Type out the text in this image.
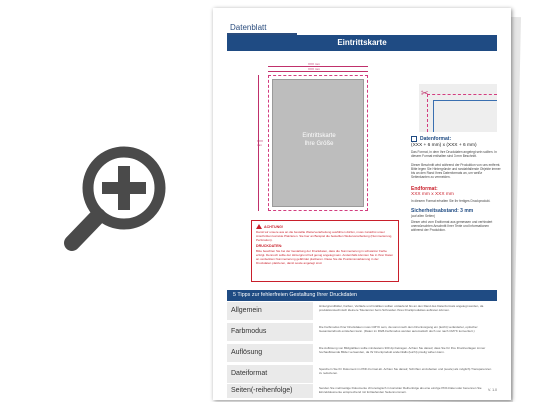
Datenblatt
Eintrittskarte
XXX mm
XXX mm
XXX mm
Eintrittskarte
Ihre Größe
ACHTUNG!

Damit wir unsere aus an die bestellte Weiterverarbeitung ausführen dürfen, muss zunächst unser Anschnitten korrekte Platzieren. Sie fuer an Beispiel die bestellten Weiterverarbeitung (Nummerierung, Perforation).

DRUCKDATEN:

Bitte beachten Sie bei der Gestaltung der Druckdaten, dass die Nummerierung in schwarzer Farbe erfolgt. Dennoch sollte der Hintergrund hell genug angelegt sein. Andernfalls könnten Sie in Ihrer Daten an verdeckten Nummerierung gefährdet platzieren. Diese Sie die Positionsmarkierung in der Druckdaten platzieren, damit sowie angelegt sind.

✂
Datenformat:
(XXX + 6 mm) x (XXX + 6 mm)
Das Format, in dem Ihre Druckdaten angelegt sein sollten. In diesem Format enthalten sind 3 mm Beschnitt.
Dieser Beschnitt wird während der Produktion von uns entfernt. Bitte legen Sie Hintergründe und randabfallende Objekte immer bis an den Rand Ihres Datenformats an, um weiße Seitenkanten zu vermeiden.
Endformat:
XXX mm x XXX mm
In diesem Format erhalten Sie Ihr fertiges Druckprodukt.
Sicherheitsabstand: 3 mm
(auf allen Seiten)
Dieser wird vom Endformat aus gemessen und verhindert unerwünschten Anschnitt Ihrer Texte und Informationen während der Produktion.
5 Tipps zur fehlerfreien Gestaltung Ihrer Druckdaten
Allgemein
Hintergrundbilder, Farben, Verläufe und Grafiken sollten umlaufend bis an den Rand des Datenformats angelegt werden, da produktionstechnisch kleinere Toleranzen beim Schneiden Ihres Druckproduktes auftreten können.
Farbmodus
Die Farbmodus Ihrer Druckdaten muss CMYK sein, da sonst nach dem Druckvorgang ein (leicht) veränderter, optischer Gesamteindruck entstehen kann. (Daten im RGB-Farbmodus werden automatisch doch von nach CMYK konvertiert.)
Auflösung
Die Auflösung von Bildgrafiken sollte mindestens 300 dpi betragen. Achten Sie darauf, dass Sie für Ihre Druckvorlagen immer hochauflösende Bilder verwenden, da Ihr Druckprodukt andernfalls (leicht) pixelig wirken kann.
Dateiformat
Speichern Sie Ihr Dokument im PDF-Format ab. Achten Sie darauf, Schriften einzubetten und (sowie) als möglich) Transparenzen zu reduzieren.
Seiten(-reihenfolge)	Senden Sie mehrseitige Dokumente chronologisch in korrekter Reihenfolge als eine einzige PDF-Datei oder benennen Sie Einzeldokumente entsprechend mit fortlaufenden Seitennummern.	V. 1.0
